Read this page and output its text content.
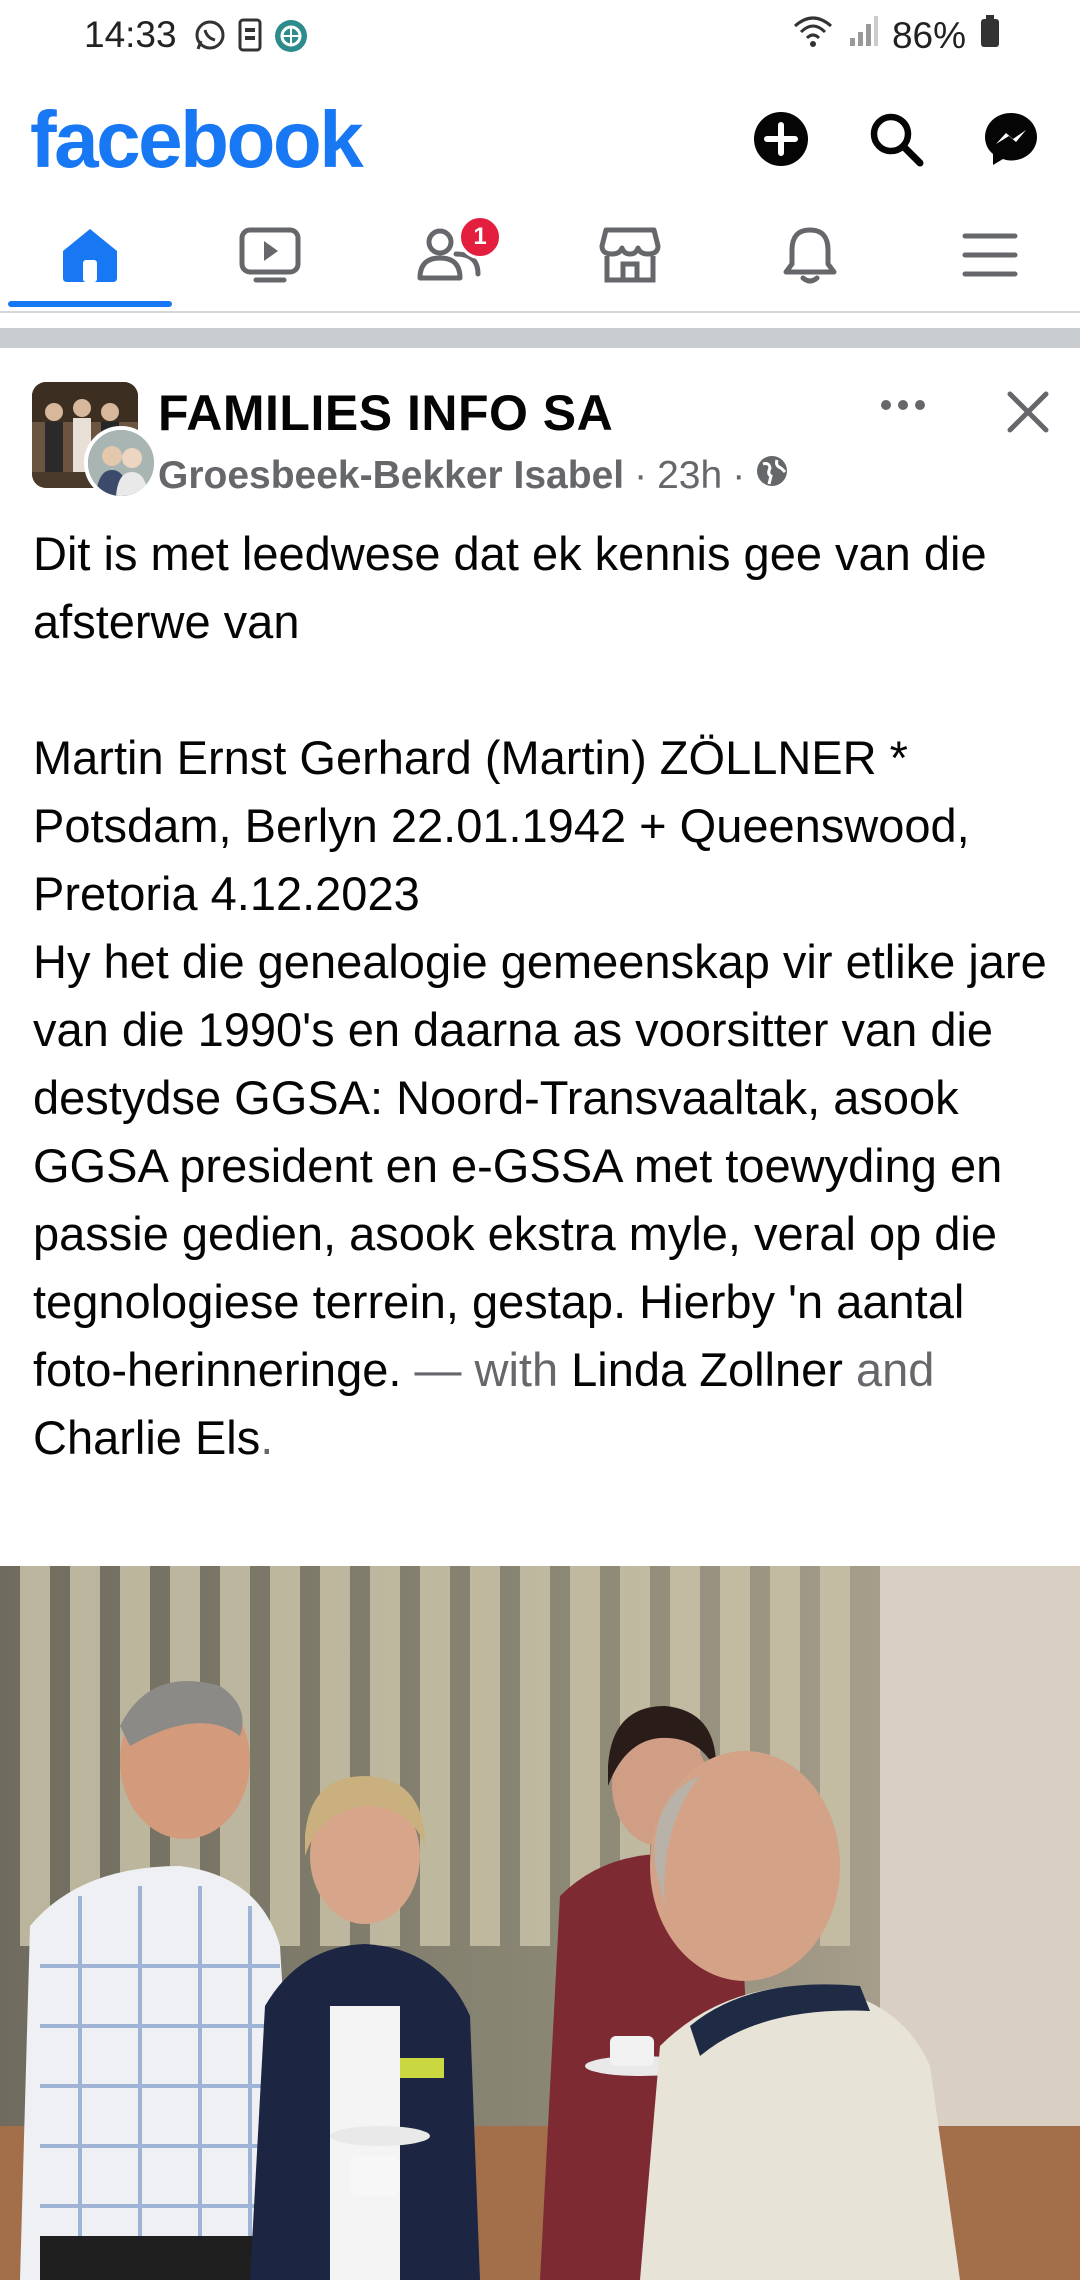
14:33	86%
facebook
1
FAMILIES INFO SA
Groesbeek-Bekker Isabel · 23h ·

Dit is met leedwese dat ek kennis gee van die afsterwe van

Martin Ernst Gerhard (Martin) ZÖLLNER * Potsdam, Berlyn 22.01.1942 + Queenswood, Pretoria 4.12.2023

Hy het die genealogie gemeenskap vir etlike jare van die 1990's en daarna as voorsitter van die destydse GGSA: Noord-Transvaaltak, asook GGSA president en e-GSSA met toewyding en passie gedien, asook ekstra myle, veral op die tegnologiese terrein, gestap. Hierby 'n aantal foto-herinneringe. — with Linda Zollner and Charlie Els.
